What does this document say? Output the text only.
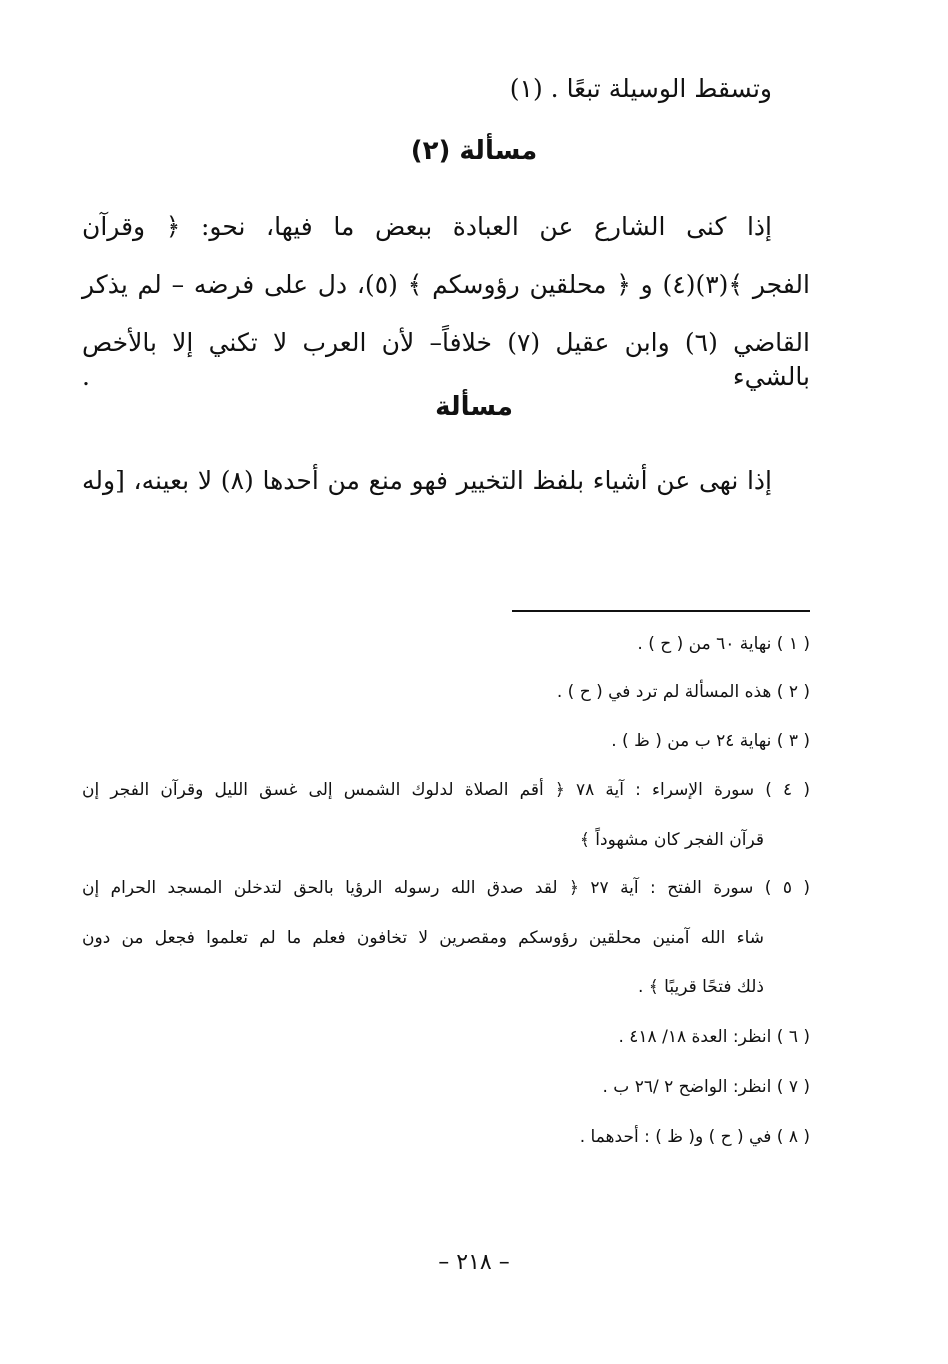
وتسقط الوسيلة تبعًا . (١)
مسألة (٢)
إذا كنى الشارع عن العبادة ببعض ما فيها، نحو: ﴿ وقرآن
الفجر ﴾(٣)(٤) و ﴿ محلقين رؤوسكم ﴾ (٥)، دل على فرضه – لم يذكر
القاضي (٦) وابن عقيل (٧) خلافاً– لأن العرب لا تكني إلا بالأخص بالشيء .
مسألة
إذا نهى عن أشياء بلفظ التخيير فهو منع من أحدها (٨) لا بعينه، [وله
( ١ ) نهاية ٦٠ من ( ح ) .
( ٢ ) هذه المسألة لم ترد في ( ح ) .
( ٣ ) نهاية ٢٤ ب من ( ظ ) .
( ٤ ) سورة الإسراء : آية ٧٨ ﴿ أقم الصلاة لدلوك الشمس إلى غسق الليل وقرآن الفجر إن
قرآن الفجر كان مشهوداً ﴾
( ٥ ) سورة الفتح : آية ٢٧ ﴿ لقد صدق الله رسوله الرؤيا بالحق لتدخلن المسجد الحرام إن
شاء الله آمنين محلقين رؤوسكم ومقصرين لا تخافون فعلم ما لم تعلموا فجعل من دون
ذلك فتحًا قريبًا ﴾ .
( ٦ ) انظر: العدة ١٨/ ٤١٨ .
( ٧ ) انظر: الواضح ٢ /٢٦ ب .
( ٨ ) في ( ح ) و( ظ ) : أحدهما .
– ٢١٨ –
